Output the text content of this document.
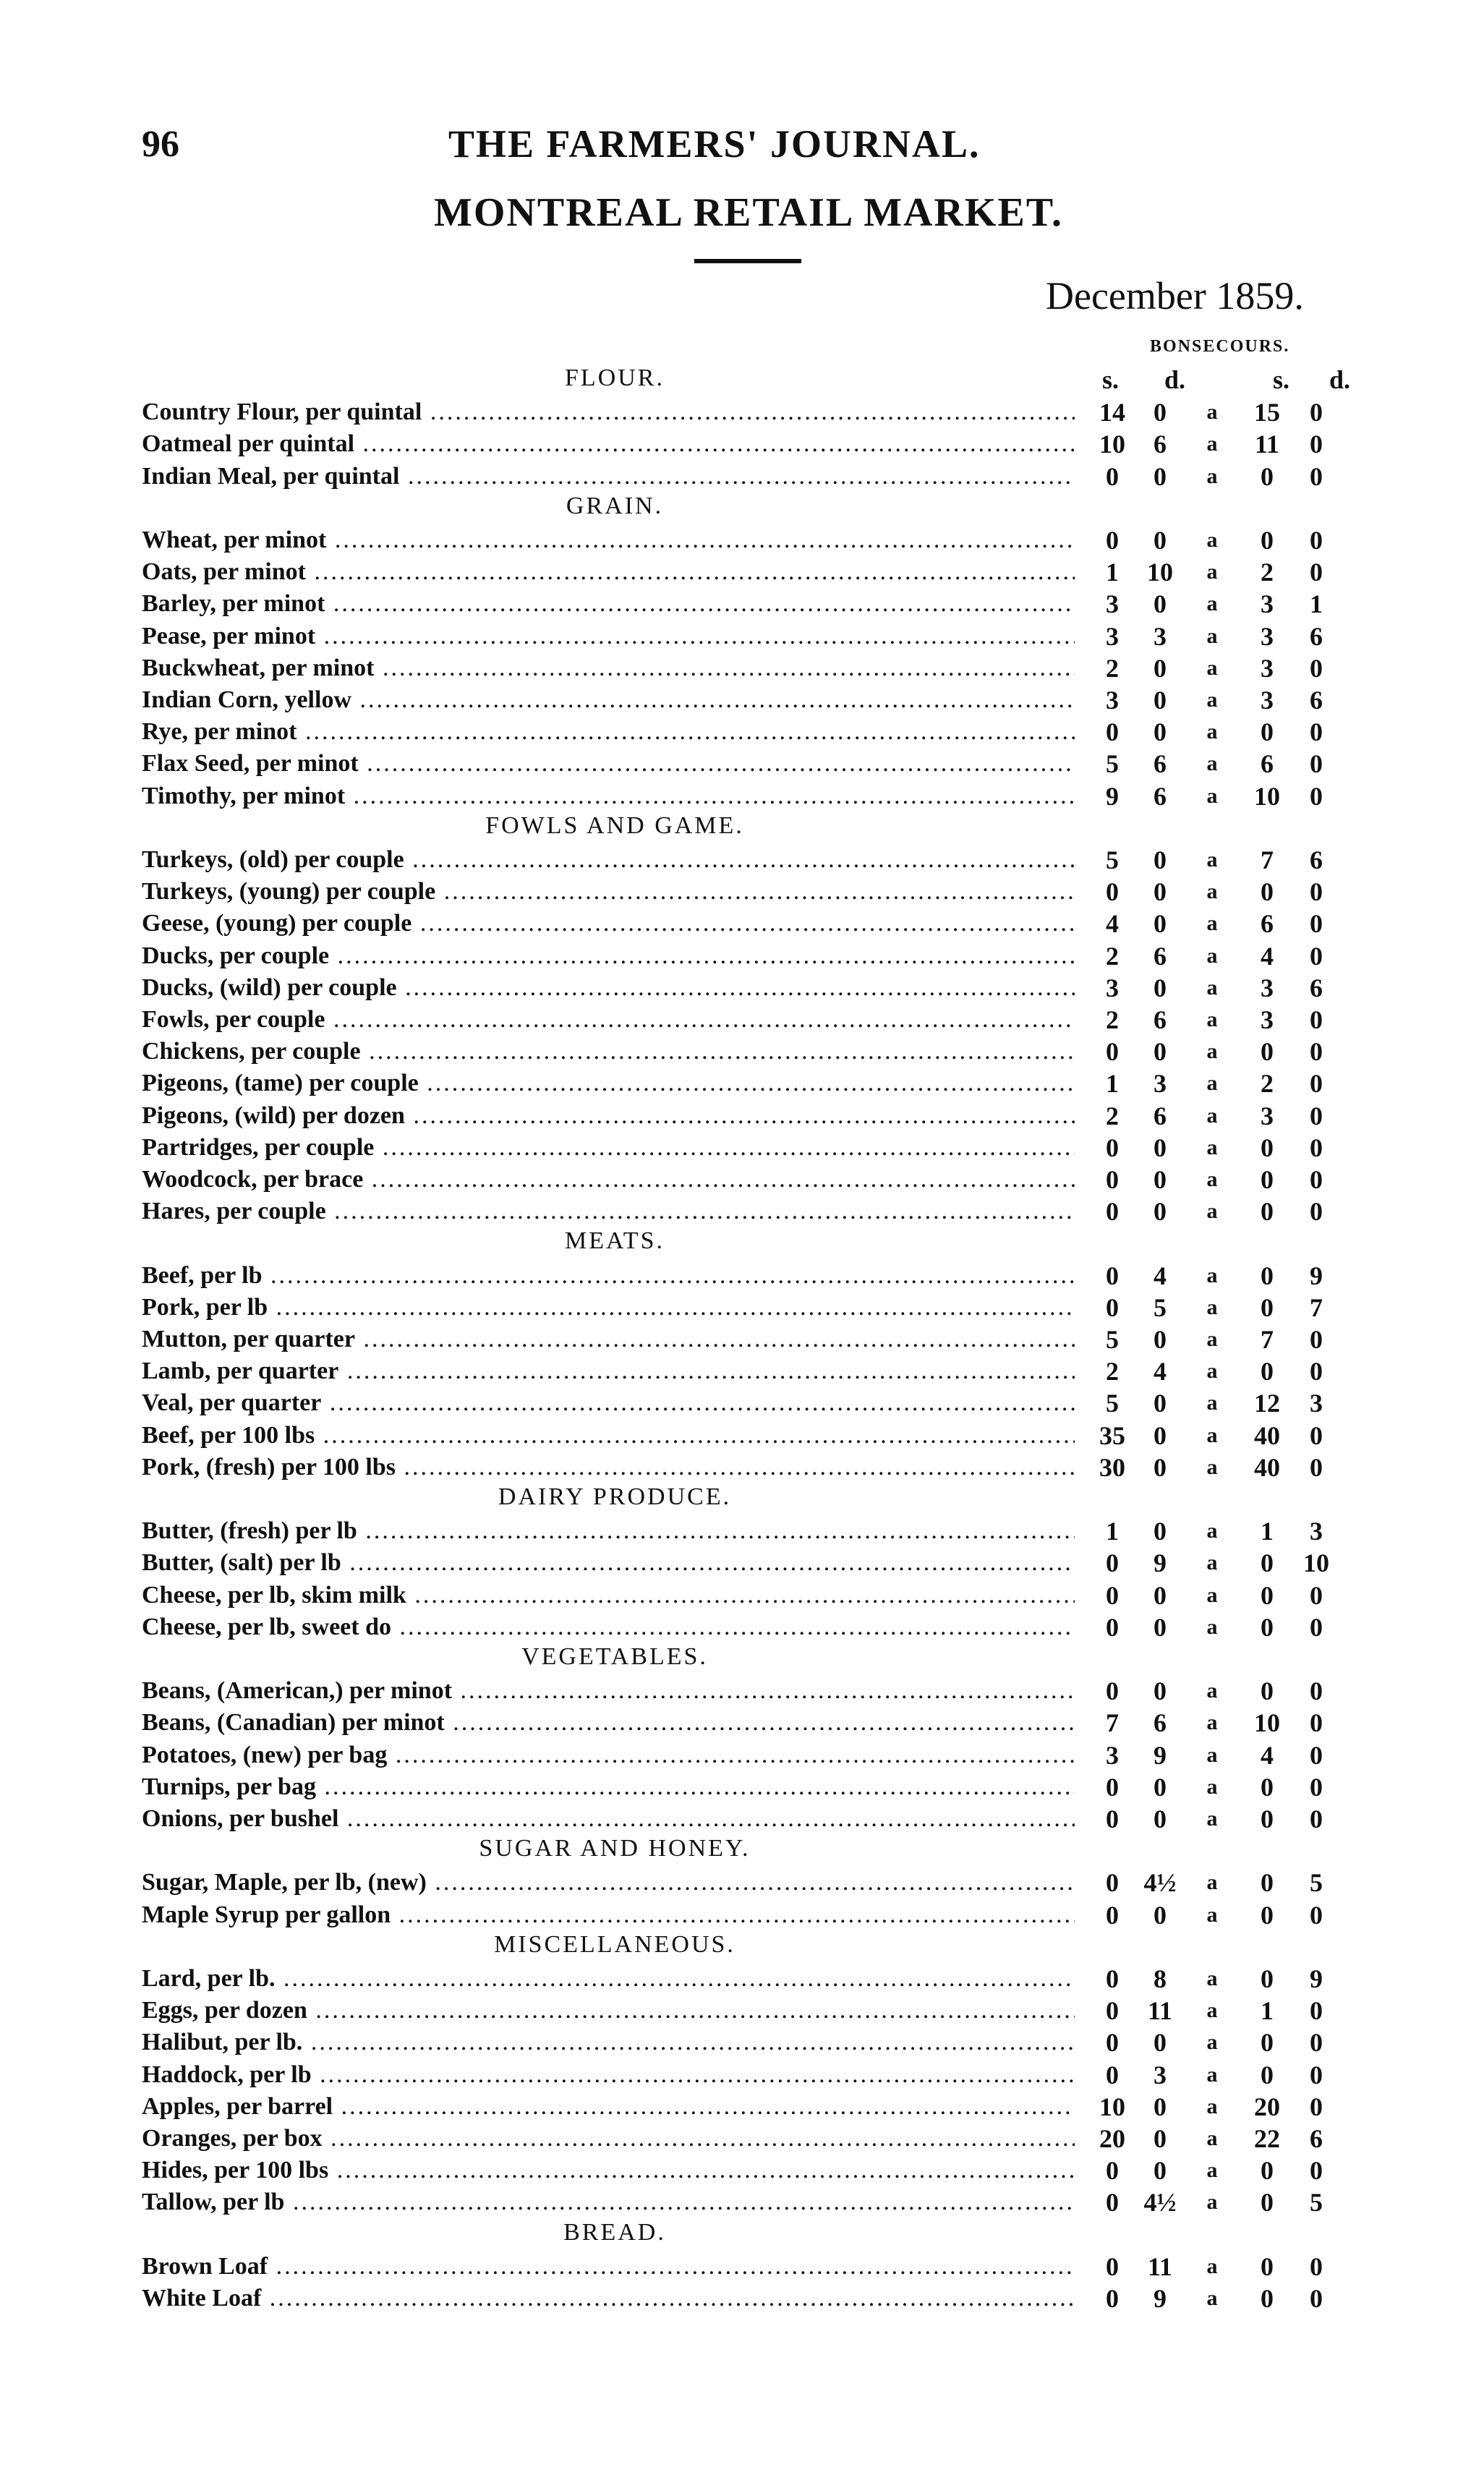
96	THE FARMERS' JOURNAL.
MONTREAL RETAIL MARKET.
December 1859.
BONSECOURS.
s. d.	s. d.
FLOUR.
Country Flour, per quintal .....	14	0	a	15	0
Oatmeal per quintal .....	10	6	a	11	0
Indian Meal, per quintal .....	0	0	a	0	0
GRAIN.
Wheat, per minot .....	0	0	a	0	0
Oats, per minot .....	1	10	a	2	0
Barley, per minot .....	3	0	a	3	1
Pease, per minot .....	3	3	a	3	6
Buckwheat, per minot .....	2	0	a	3	0
Indian Corn, yellow .....	3	0	a	3	6
Rye, per minot .....	0	0	a	0	0
Flax Seed, per minot .....	5	6	a	6	0
Timothy, per minot .....	9	6	a	10	0
FOWLS AND GAME.
Turkeys, (old) per couple .....	5	0	a	7	6
Turkeys, (young) per couple .....	0	0	a	0	0
Geese, (young) per couple .....	4	0	a	6	0
Ducks, per couple .....	2	6	a	4	0
Ducks, (wild) per couple .....	3	0	a	3	6
Fowls, per couple .....	2	6	a	3	0
Chickens, per couple .....	0	0	a	0	0
Pigeons, (tame) per couple .....	1	3	a	2	0
Pigeons, (wild) per dozen .....	2	6	a	3	0
Partridges, per couple .....	0	0	a	0	0
Woodcock, per brace .....	0	0	a	0	0
Hares, per couple .....	0	0	a	0	0
MEATS.
Beef, per lb .....	0	4	a	0	9
Pork, per lb .....	0	5	a	0	7
Mutton, per quarter .....	5	0	a	7	0
Lamb, per quarter .....	2	4	a	0	0
Veal, per quarter .....	5	0	a	12	3
Beef, per 100 lbs .....	35	0	a	40	0
Pork, (fresh) per 100 lbs .....	30	0	a	40	0
DAIRY PRODUCE.
Butter, (fresh) per lb .....	1	0	a	1	3
Butter, (salt) per lb .....	0	9	a	0	10
Cheese, per lb, skim milk .....	0	0	a	0	0
Cheese, per lb, sweet do .....	0	0	a	0	0
VEGETABLES.
Beans, (American,) per minot .....	0	0	a	0	0
Beans, (Canadian) per minot .....	7	6	a	10	0
Potatoes, (new) per bag .....	3	9	a	4	0
Turnips, per bag .....	0	0	a	0	0
Onions, per bushel .....	0	0	a	0	0
SUGAR AND HONEY.
Sugar, Maple, per lb, (new) .....	0 4½	a	0	5
Maple Syrup per gallon .....	0	0	a	0	0
MISCELLANEOUS.
Lard, per lb. .....	0	8	a	0	9
Eggs, per dozen .....	0	11	a	1	0
Halibut, per lb. .....	0	0	a	0	0
Haddock, per lb .....	0	3	a	0	0
Apples, per barrel .....	10	0	a	20	0
Oranges, per box .....	20	0	a	22	6
Hides, per 100 lbs .....	0	0	a	0	0
Tallow, per lb .....	0 4½	a	0	5
BREAD.
Brown Loaf .....	0	11	a	0	0
White Loaf .....	0	9	a	0	0
